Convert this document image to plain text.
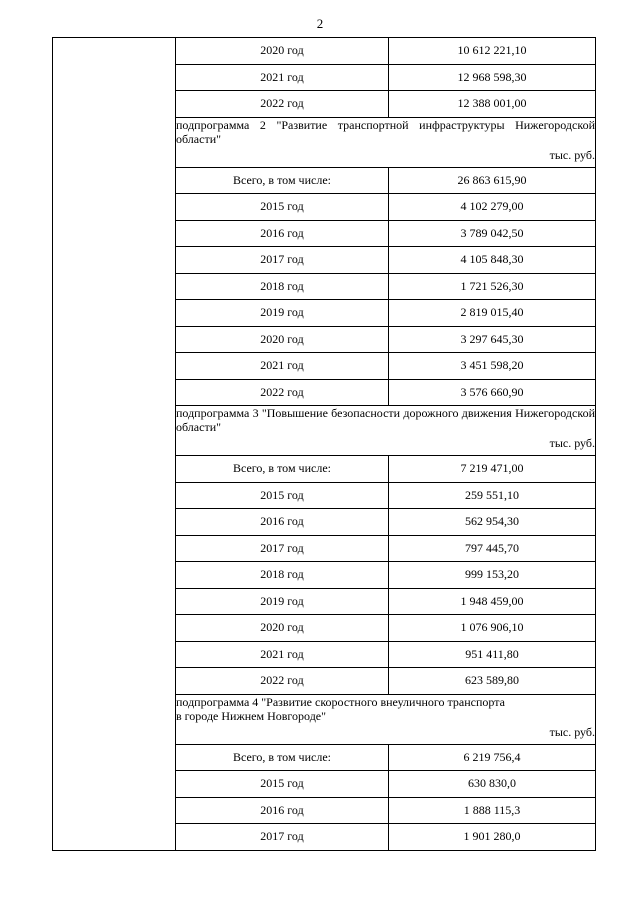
2
	2020 год	10 612 221,10
	2021 год	12 968 598,30
	2022 год	12 388 001,00
	подпрограмма 2 "Развитие транспортной инфраструктуры Нижегородской области"
тыс. руб.	

	Всего, в том числе:	26 863 615,90
	2015 год	4 102 279,00
	2016 год	3 789 042,50
	2017 год	4 105 848,30
	2018 год	1 721 526,30
	2019 год	2 819 015,40
	2020 год	3 297 645,30
	2021 год	3 451 598,20
	2022 год	3 576 660,90
	подпрограмма 3 "Повышение безопасности дорожного движения Нижегородской области"
тыс. руб.	

	Всего, в том числе:	7 219 471,00
	2015 год	259 551,10
	2016 год	562 954,30
	2017 год	797 445,70
	2018 год	999 153,20
	2019 год	1 948 459,00
	2020 год	1 076 906,10
	2021 год	951 411,80
	2022 год	623 589,80
	подпрограмма 4 "Развитие скоростного внеуличного транспорта
в городе Нижнем Новгороде"
тыс. руб.	

	Всего, в том числе:	6 219 756,4
	2015 год	630 830,0
	2016 год	1 888 115,3
	2017 год	1 901 280,0
